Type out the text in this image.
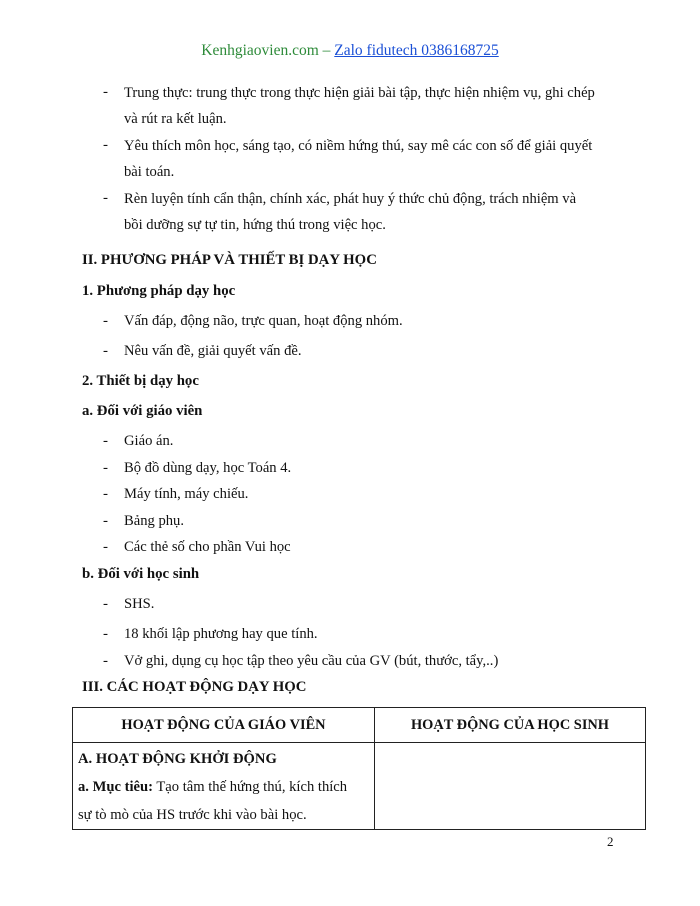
Kenhgiaovien.com – Zalo fidutech 0386168725
- Trung thực: trung thực trong thực hiện giải bài tập, thực hiện nhiệm vụ, ghi chép
và rút ra kết luận.
- Yêu thích môn học, sáng tạo, có niềm hứng thú, say mê các con số để giải quyết
bài toán.
- Rèn luyện tính cẩn thận, chính xác, phát huy ý thức chủ động, trách nhiệm và
bồi dưỡng sự tự tin, hứng thú trong việc học.
II. PHƯƠNG PHÁP VÀ THIẾT BỊ DẠY HỌC
1. Phương pháp dạy học
- Vấn đáp, động não, trực quan, hoạt động nhóm.
- Nêu vấn đề, giải quyết vấn đề.
2. Thiết bị dạy học
a. Đối với giáo viên
- Giáo án.
- Bộ đồ dùng dạy, học Toán 4.
- Máy tính, máy chiếu.
- Bảng phụ.
- Các thẻ số cho phần Vui học
b. Đối với học sinh
- SHS.
- 18 khối lập phương hay que tính.
- Vở ghi, dụng cụ học tập theo yêu cầu của GV (bút, thước, tẩy,..)
III. CÁC HOẠT ĐỘNG DẠY HỌC
HOẠT ĐỘNG CỦA GIÁO VIÊN	HOẠT ĐỘNG CỦA HỌC SINH

A. HOẠT ĐỘNG KHỞI ĐỘNG
a. Mục tiêu: Tạo tâm thế hứng thú, kích thích
sự tò mò của HS trước khi vào bài học.	

2
